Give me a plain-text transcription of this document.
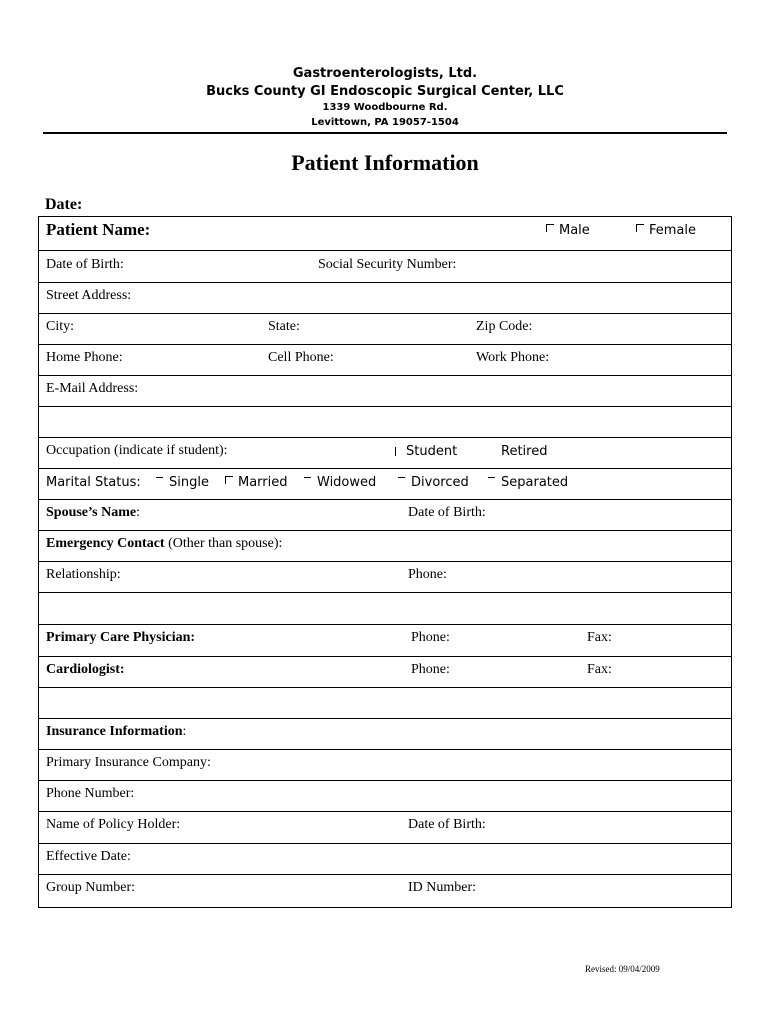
Gastroenterologists, Ltd.
Bucks County GI Endoscopic Surgical Center, LLC
1339 Woodbourne Rd.
Levittown, PA 19057-1504
Patient Information
Date:
Patient Name:	Male	Female
Date of Birth:	Social Security Number:
Street Address:
City:	State:	Zip Code:
Home Phone:	Cell Phone:	Work Phone:
E-Mail Address:
Occupation (indicate if student):	Student	Retired
Marital Status:	Single	Married	Widowed	Divorced	Separated
Spouse’s Name:	Date of Birth:
Emergency Contact (Other than spouse):
Relationship:	Phone:
Primary Care Physician:	Phone:	Fax:
Cardiologist:	Phone:	Fax:
Insurance Information:
Primary Insurance Company:
Phone Number:
Name of Policy Holder:	Date of Birth:
Effective Date:
Group Number:	ID Number:
Revised: 09/04/2009
